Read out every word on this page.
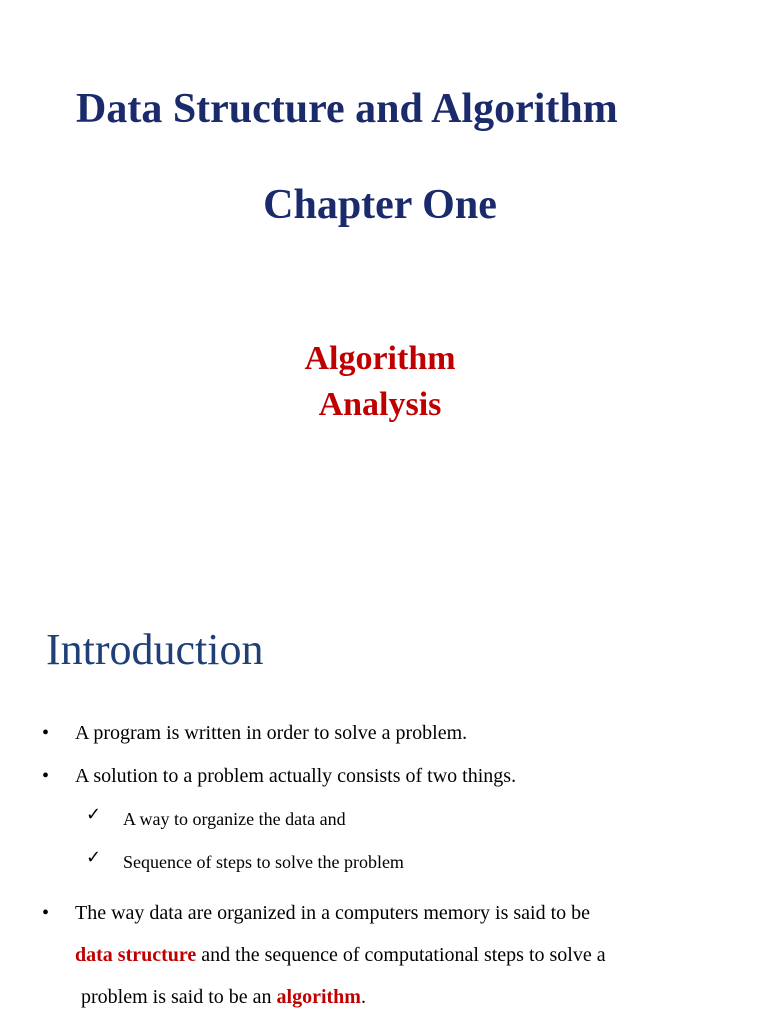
Data Structure and Algorithm
Chapter One
Algorithm
Analysis
Introduction
• A program is written in order to solve a problem.
• A solution to a problem actually consists of two things.
✓ A way to organize the data and
✓ Sequence of steps to solve the problem
• The way data are organized in a computers memory is said to be
data structure and the sequence of computational steps to solve a
problem is said to be an algorithm.
